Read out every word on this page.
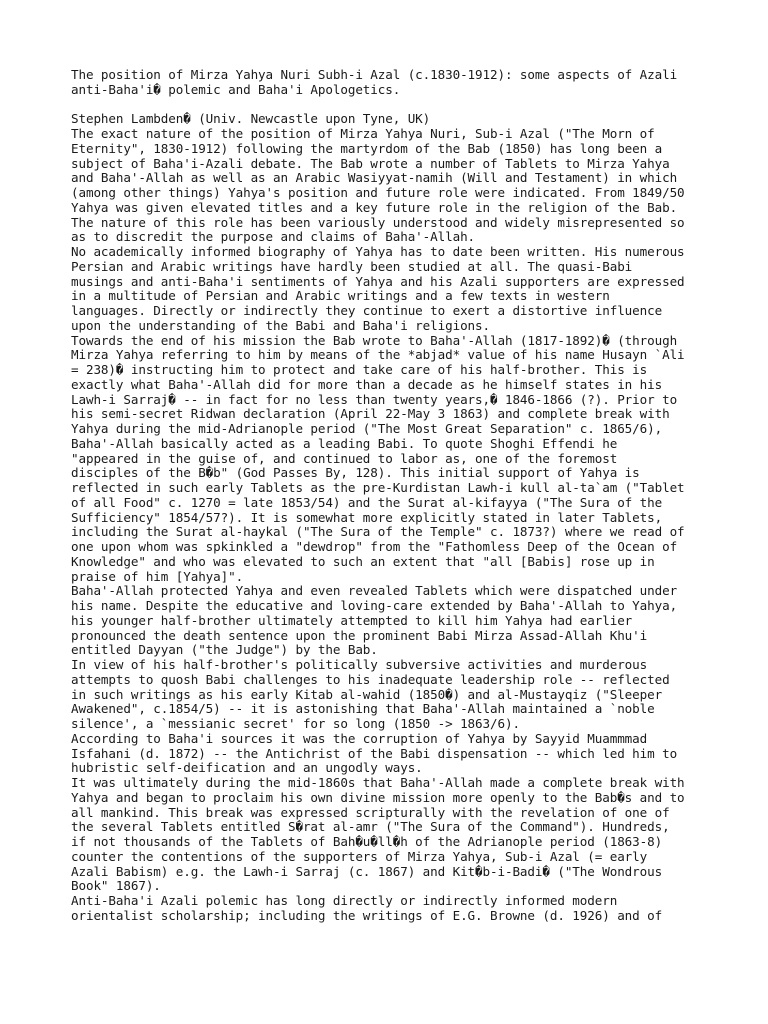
The position of Mirza Yahya Nuri Subh-i Azal (c.1830-1912): some aspects of Azali
anti-Baha'i� polemic and Baha'i Apologetics.
Stephen Lambden� (Univ. Newcastle upon Tyne, UK)
The exact nature of the position of Mirza Yahya Nuri, Sub-i Azal ("The Morn of
Eternity", 1830-1912) following the martyrdom of the Bab (1850) has long been a
subject of Baha'i-Azali debate. The Bab wrote a number of Tablets to Mirza Yahya
and Baha'-Allah as well as an Arabic Wasiyyat-namih (Will and Testament) in which
(among other things) Yahya's position and future role were indicated. From 1849/50
Yahya was given elevated titles and a key future role in the religion of the Bab.
The nature of this role has been variously understood and widely misrepresented so
as to discredit the purpose and claims of Baha'-Allah.
No academically informed biography of Yahya has to date been written. His numerous
Persian and Arabic writings have hardly been studied at all. The quasi-Babi
musings and anti-Baha'i sentiments of Yahya and his Azali supporters are expressed
in a multitude of Persian and Arabic writings and a few texts in western
languages. Directly or indirectly they continue to exert a distortive influence
upon the understanding of the Babi and Baha'i religions.
Towards the end of his mission the Bab wrote to Baha'-Allah (1817-1892)� (through
Mirza Yahya referring to him by means of the *abjad* value of his name Husayn `Ali
= 238)� instructing him to protect and take care of his half-brother. This is
exactly what Baha'-Allah did for more than a decade as he himself states in his
Lawh-i Sarraj� -- in fact for no less than twenty years,� 1846-1866 (?). Prior to
his semi-secret Ridwan declaration (April 22-May 3 1863) and complete break with
Yahya during the mid-Adrianople period ("The Most Great Separation" c. 1865/6),
Baha'-Allah basically acted as a leading Babi. To quote Shoghi Effendi he
"appeared in the guise of, and continued to labor as, one of the foremost
disciples of the B�b" (God Passes By, 128). This initial support of Yahya is
reflected in such early Tablets as the pre-Kurdistan Lawh-i kull al-ta`am ("Tablet
of all Food" c. 1270 = late 1853/54) and the Surat al-kifayya ("The Sura of the
Sufficiency" 1854/57?). It is somewhat more explicitly stated in later Tablets,
including the Surat al-haykal ("The Sura of the Temple" c. 1873?) where we read of
one upon whom was spkinkled a "dewdrop" from the "Fathomless Deep of the Ocean of
Knowledge" and who was elevated to such an extent that "all [Babis] rose up in
praise of him [Yahya]".
Baha'-Allah protected Yahya and even revealed Tablets which were dispatched under
his name. Despite the educative and loving-care extended by Baha'-Allah to Yahya,
his younger half-brother ultimately attempted to kill him Yahya had earlier
pronounced the death sentence upon the prominent Babi Mirza Assad-Allah Khu'i
entitled Dayyan ("the Judge") by the Bab.
In view of his half-brother's politically subversive activities and murderous
attempts to quosh Babi challenges to his inadequate leadership role -- reflected
in such writings as his early Kitab al-wahid (1850�) and al-Mustayqiz ("Sleeper
Awakened", c.1854/5) -- it is astonishing that Baha'-Allah maintained a `noble
silence', a `messianic secret' for so long (1850 -> 1863/6).
According to Baha'i sources it was the corruption of Yahya by Sayyid Muammmad
Isfahani (d. 1872) -- the Antichrist of the Babi dispensation -- which led him to
hubristic self-deification and an ungodly ways.
It was ultimately during the mid-1860s that Baha'-Allah made a complete break with
Yahya and began to proclaim his own divine mission more openly to the Bab�s and to
all mankind. This break was expressed scripturally with the revelation of one of
the several Tablets entitled S�rat al-amr ("The Sura of the Command"). Hundreds,
if not thousands of the Tablets of Bah�u�ll�h of the Adrianople period (1863-8)
counter the contentions of the supporters of Mirza Yahya, Sub-i Azal (= early
Azali Babism) e.g. the Lawh-i Sarraj (c. 1867) and Kit�b-i-Badi� ("The Wondrous
Book" 1867).
Anti-Baha'i Azali polemic has long directly or indirectly informed modern
orientalist scholarship; including the writings of E.G. Browne (d. 1926) and of
